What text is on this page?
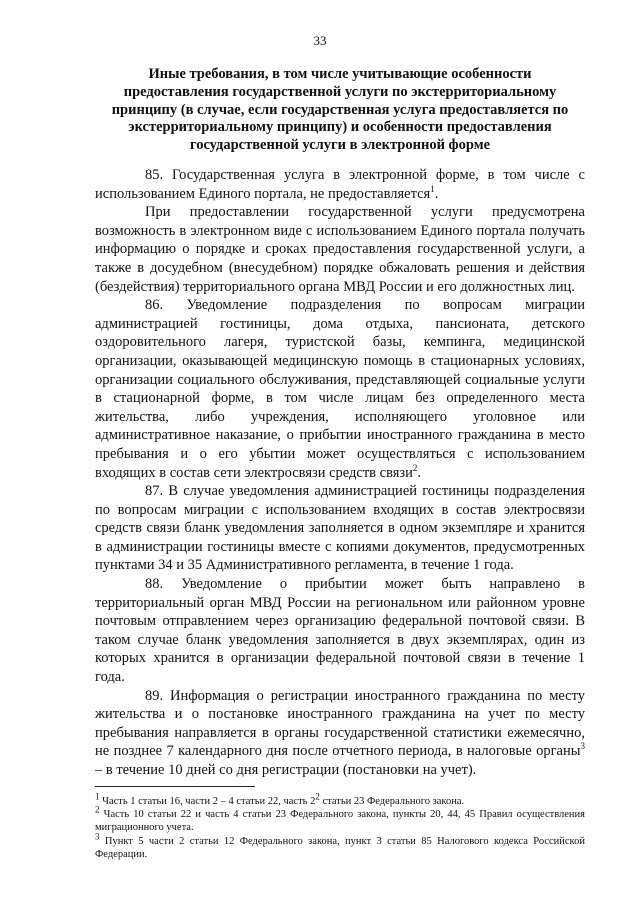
33
Иные требования, в том числе учитывающие особенности предоставления государственной услуги по экстерриториальному принципу (в случае, если государственная услуга предоставляется по экстерриториальному принципу) и особенности предоставления государственной услуги в электронной форме

85. Государственная услуга в электронной форме, в том числе с использованием Единого портала, не предоставляется$^1$.

При предоставлении государственной услуги предусмотрена возможность в электронном виде с использованием Единого портала получать информацию о порядке и сроках предоставления государственной услуги, а также в досудебном (внесудебном) порядке обжаловать решения и действия (бездействия) территориального органа МВД России и его должностных лиц.

86. Уведомление подразделения по вопросам миграции администрацией гостиницы, дома отдыха, пансионата, детского оздоровительного лагеря, туристской базы, кемпинга, медицинской организации, оказывающей медицинскую помощь в стационарных условиях, организации социального обслуживания, представляющей социальные услуги в стационарной форме, в том числе лицам без определенного места жительства, либо учреждения, исполняющего уголовное или административное наказание, о прибытии иностранного гражданина в место пребывания и о его убытии может осуществляться с использованием входящих в состав сети электросвязи средств связи$^2$.

87. В случае уведомления администрацией гостиницы подразделения по вопросам миграции с использованием входящих в состав электросвязи средств связи бланк уведомления заполняется в одном экземпляре и хранится в администрации гостиницы вместе с копиями документов, предусмотренных пунктами 34 и 35 Административного регламента, в течение 1 года.

88. Уведомление о прибытии может быть направлено в территориальный орган МВД России на региональном или районном уровне почтовым отправлением через организацию федеральной почтовой связи. В таком случае бланк уведомления заполняется в двух экземплярах, один из которых хранится в организации федеральной почтовой связи в течение 1 года.

89. Информация о регистрации иностранного гражданина по месту жительства и о постановке иностранного гражданина на учет по месту пребывания направляется в органы государственной статистики ежемесячно, не позднее 7 календарного дня после отчетного периода, в налоговые органы$^3$ – в течение 10 дней со дня регистрации (постановки на учет).

$^1$ Часть 1 статьи 16, части 2 – 4 статьи 22, часть $2^2$ статьи 23 Федерального закона.

$^2$ Часть 10 статьи 22 и часть 4 статьи 23 Федерального закона, пункты 20, 44, 45 Правил осуществления миграционного учета.

$^3$ Пункт 5 части 2 статьи 12 Федерального закона, пункт 3 статьи 85 Налогового кодекса Российской Федерации.
